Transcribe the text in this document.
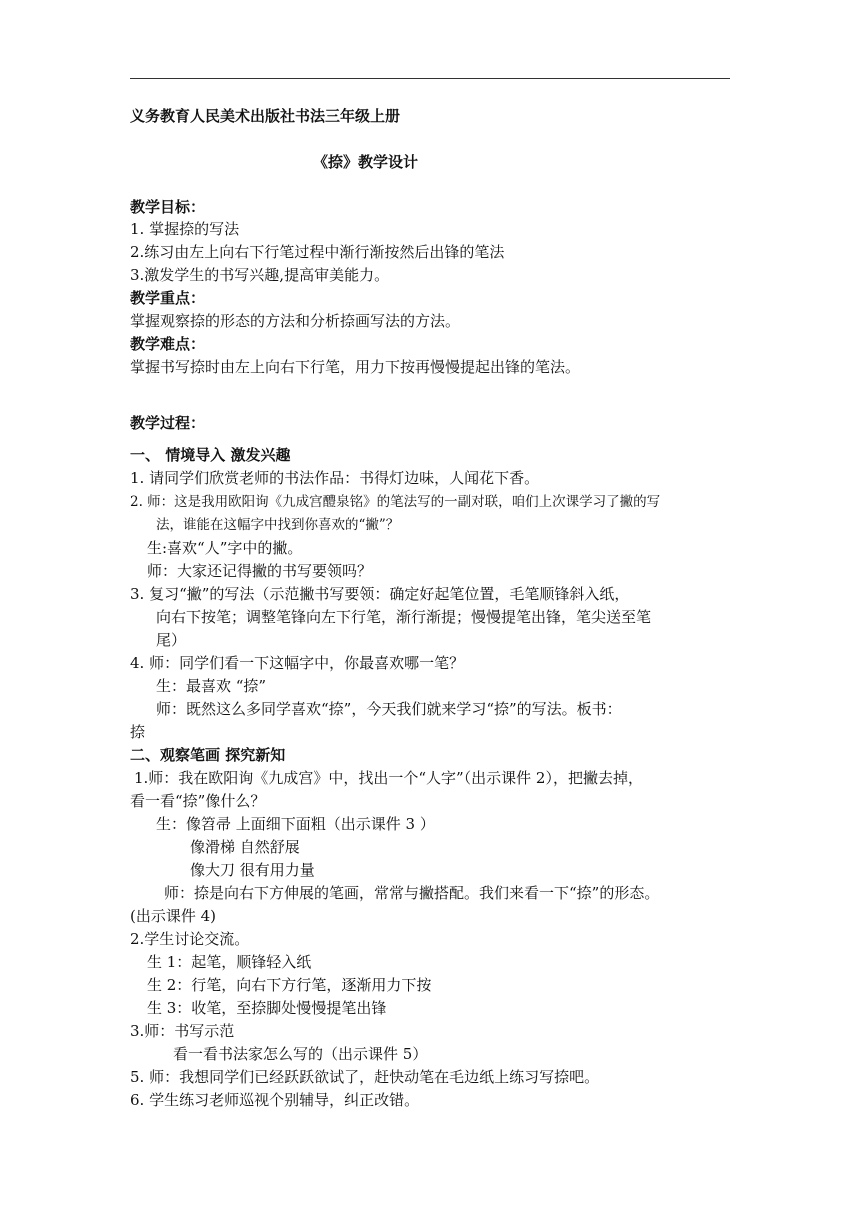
义务教育人民美术出版社书法三年级上册
《捺》教学设计
教学目标：
1. 掌握捺的写法
2.练习由左上向右下行笔过程中渐行渐按然后出锋的笔法
3.激发学生的书写兴趣,提高审美能力。
教学重点：
掌握观察捺的形态的方法和分析捺画写法的方法。
教学难点：
掌握书写捺时由左上向右下行笔，用力下按再慢慢提起出锋的笔法。
教学过程：
一、 情境导入 激发兴趣
1. 请同学们欣赏老师的书法作品：书得灯边味，人闻花下香。
2. 师：这是我用欧阳询《九成宫醴泉铭》的笔法写的一副对联，咱们上次课学习了撇的写
法，谁能在这幅字中找到你喜欢的“撇”？
生:喜欢“人”字中的撇。
师：大家还记得撇的书写要领吗？
3. 复习“撇”的写法（示范撇书写要领：确定好起笔位置，毛笔顺锋斜入纸，
向右下按笔；调整笔锋向左下行笔，渐行渐提；慢慢提笔出锋，笔尖送至笔
尾）
4. 师：同学们看一下这幅字中，你最喜欢哪一笔？
生：最喜欢 “捺”
师：既然这么多同学喜欢“捺”，今天我们就来学习“捺”的写法。板书：
捺
二、观察笔画 探究新知
1.师：我在欧阳询《九成宫》中，找出一个“人字”（出示课件 2），把撇去掉，
看一看“捺”像什么？
生：像笤帚 上面细下面粗（出示课件 3 ）
像滑梯 自然舒展
像大刀 很有用力量
师：捺是向右下方伸展的笔画，常常与撇搭配。我们来看一下“捺”的形态。
(出示课件 4)
2.学生讨论交流。
生 1：起笔，顺锋轻入纸
生 2：行笔，向右下方行笔，逐渐用力下按
生 3：收笔，至捺脚处慢慢提笔出锋
3.师：书写示范
看一看书法家怎么写的（出示课件 5）
5. 师：我想同学们已经跃跃欲试了，赶快动笔在毛边纸上练习写捺吧。
6. 学生练习老师巡视个别辅导，纠正改错。
